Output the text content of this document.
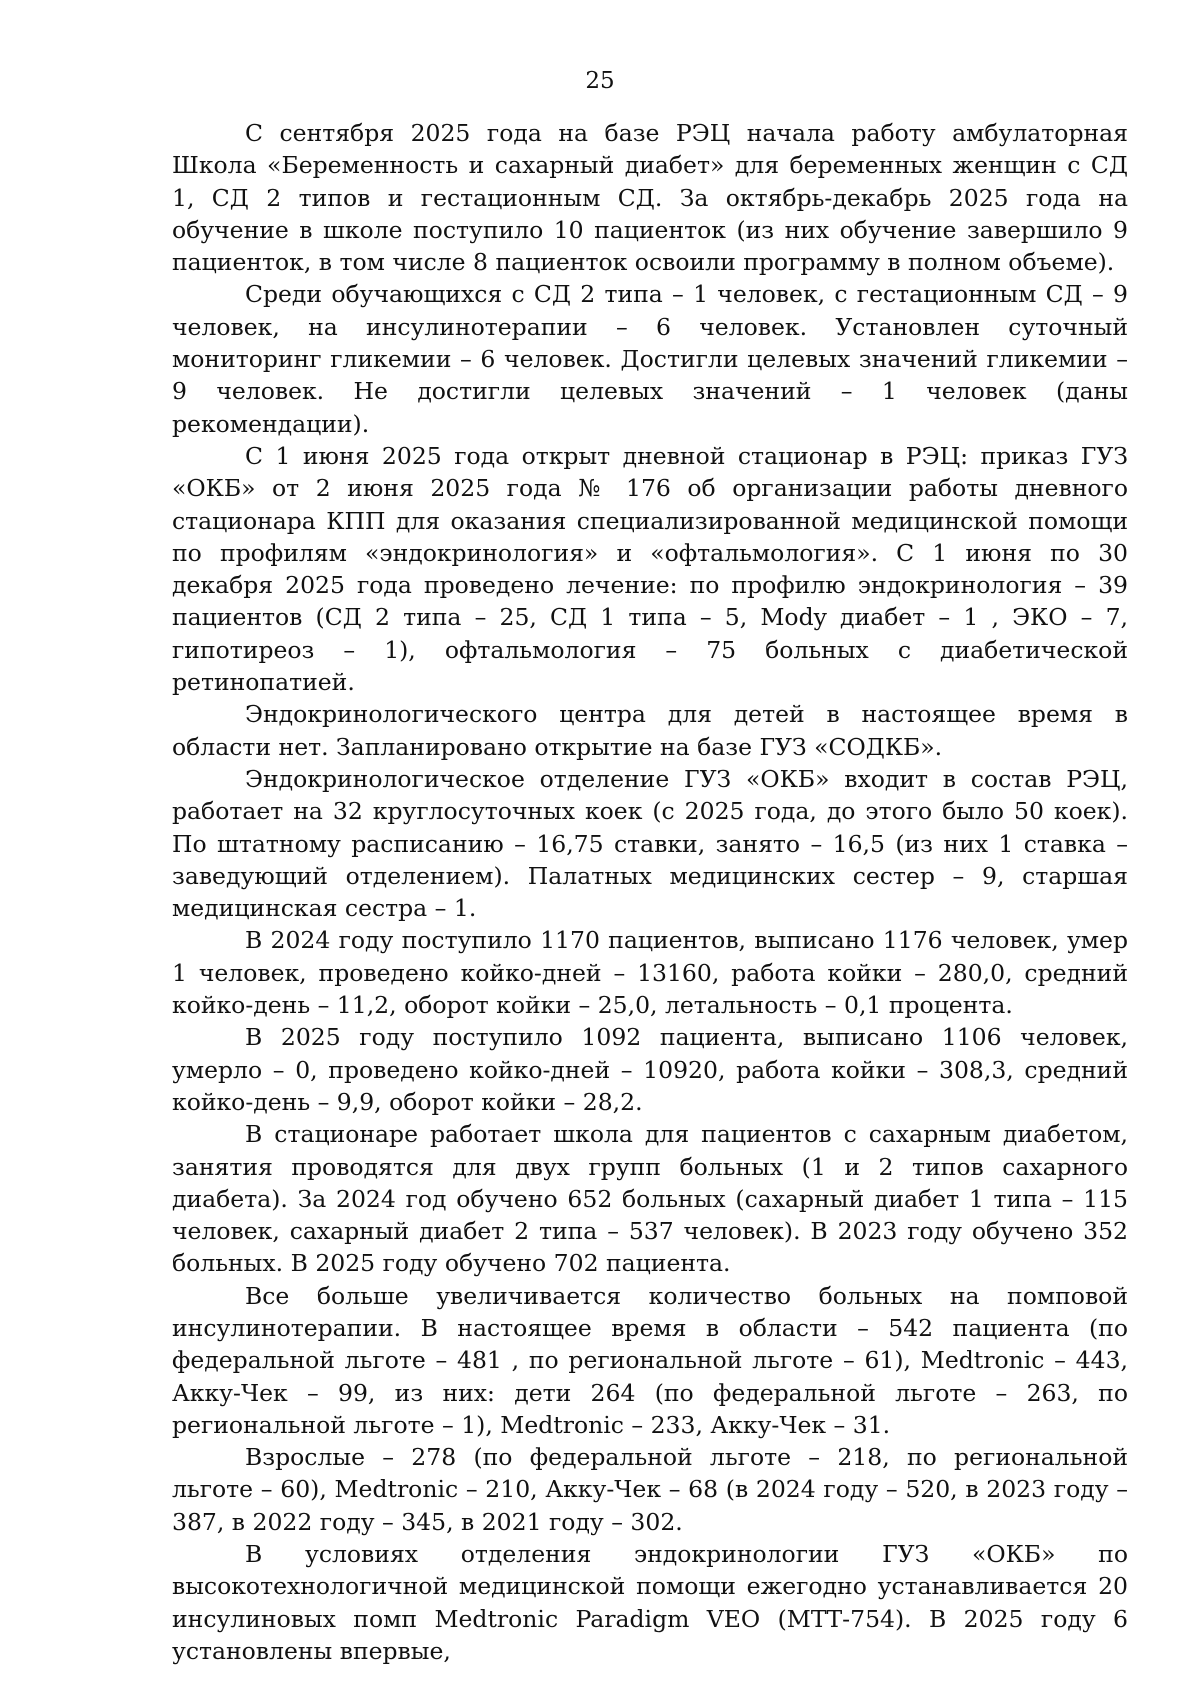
25

С сентября 2025 года на базе РЭЦ начала работу амбулаторная Школа «Беременность и сахарный диабет» для беременных женщин с СД 1, СД 2 типов и гестационным СД. За октябрь-декабрь 2025 года на обучение в школе поступило 10 пациенток (из них обучение завершило 9 пациенток, в том числе 8 пациенток освоили программу в полном объеме).

Среди обучающихся с СД 2 типа – 1 человек, с гестационным СД – 9 человек, на инсулинотерапии – 6 человек. Установлен суточный мониторинг гликемии – 6 человек. Достигли целевых значений гликемии – 9 человек. Не достигли целевых значений – 1 человек (даны рекомендации).

С 1 июня 2025 года открыт дневной стационар в РЭЦ: приказ ГУЗ «ОКБ» от 2 июня 2025 года № 176 об организации работы дневного стационара КПП для оказания специализированной медицинской помощи по профилям «эндокринология» и «офтальмология». С 1 июня по 30 декабря 2025 года проведено лечение: по профилю эндокринология – 39 пациентов (СД 2 типа – 25, СД 1 типа – 5, Mody диабет – 1 , ЭКО – 7, гипотиреоз – 1), офтальмология – 75 больных с диабетической ретинопатией.

Эндокринологического центра для детей в настоящее время в области нет. Запланировано открытие на базе ГУЗ «СОДКБ».

Эндокринологическое отделение ГУЗ «ОКБ» входит в состав РЭЦ, работает на 32 круглосуточных коек (с 2025 года, до этого было 50 коек). По штатному расписанию – 16,75 ставки, занято – 16,5 (из них 1 ставка – заведующий отделением). Палатных медицинских сестер – 9, старшая медицинская сестра – 1.

В 2024 году поступило 1170 пациентов, выписано 1176 человек, умер 1 человек, проведено койко-дней – 13160, работа койки – 280,0, средний койко-день – 11,2, оборот койки – 25,0, летальность – 0,1 процента.

В 2025 году поступило 1092 пациента, выписано 1106 человек, умерло – 0, проведено койко-дней – 10920, работа койки – 308,3, средний койко-день – 9,9, оборот койки – 28,2.

В стационаре работает школа для пациентов с сахарным диабетом, занятия проводятся для двух групп больных (1 и 2 типов сахарного диабета). За 2024 год обучено 652 больных (сахарный диабет 1 типа – 115 человек, сахарный диабет 2 типа – 537 человек). В 2023 году обучено 352 больных. В 2025 году обучено 702 пациента.

Все больше увеличивается количество больных на помповой инсулинотерапии. В настоящее время в области – 542 пациента (по федеральной льготе – 481 , по региональной льготе – 61), Medtronic – 443, Акку-Чек – 99, из них: дети 264 (по федеральной льготе – 263, по региональной льготе – 1), Medtronic – 233, Акку-Чек – 31.

Взрослые – 278 (по федеральной льготе – 218, по региональной льготе – 60), Medtronic – 210, Акку-Чек – 68 (в 2024 году – 520, в 2023 году – 387, в 2022 году – 345, в 2021 году – 302.

В условиях отделения эндокринологии ГУЗ «ОКБ» по высокотехнологичной медицинской помощи ежегодно устанавливается 20 инсулиновых помп Medtronic Paradigm VEO (МТТ-754). В 2025 году 6 установлены впервые,
